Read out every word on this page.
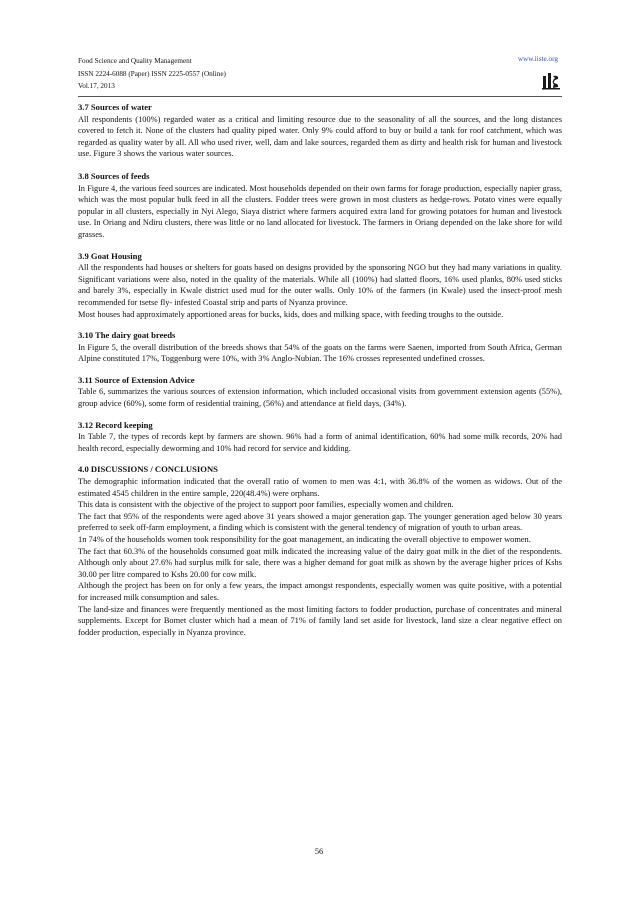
Food Science and Quality Management
ISSN 2224-6088 (Paper) ISSN 2225-0557 (Online)
Vol.17, 2013
www.iiste.org
3.7 Sources of water

All respondents (100%) regarded water as a critical and limiting resource due to the seasonality of all the sources, and the long distances covered to fetch it. None of the clusters had quality piped water. Only 9% could afford to buy or build a tank for roof catchment, which was regarded as quality water by all. All who used river, well, dam and lake sources, regarded them as dirty and health risk for human and livestock use. Figure 3 shows the various water sources.

3.8 Sources of feeds

In Figure 4, the various feed sources are indicated. Most households depended on their own farms for forage production, especially napier grass, which was the most popular bulk feed in all the clusters. Fodder trees were grown in most clusters as hedge-rows. Potato vines were equally popular in all clusters, especially in Nyi Alego, Siaya district where farmers acquired extra land for growing potatoes for human and livestock use. In Oriang and Ndiru clusters, there was little or no land allocated for livestock. The farmers in Oriang depended on the lake shore for wild grasses.

3.9 Goat Housing

All the respondents had houses or shelters for goats based on designs provided by the sponsoring NGO but they had many variations in quality. Significant variations were also, noted in the quality of the materials. While all (100%) had slatted floors, 16% used planks, 80% used sticks and barely 3%, especially in Kwale district used mud for the outer walls. Only 10% of the farmers (in Kwale) used the insect-proof mesh recommended for tsetse fly- infested Coastal strip and parts of Nyanza province.

Most houses had approximately apportioned areas for bucks, kids, does and milking space, with feeding troughs to the outside.

3.10 The dairy goat breeds

In Figure 5, the overall distribution of the breeds shows that 54% of the goats on the farms were Saenen, imported from South Africa, German Alpine constituted 17%, Toggenburg were 10%, with 3% Anglo-Nubian. The 16% crosses represented undefined crosses.

3.11 Source of Extension Advice

Table 6, summarizes the various sources of extension information, which included occasional visits from government extension agents (55%), group advice (60%), some form of residential training, (56%) and attendance at field days, (34%).

3.12 Record keeping

In Table 7, the types of records kept by farmers are shown. 96% had a form of animal identification, 60% had some milk records, 20% had health record, especially deworming and 10% had record for service and kidding.

4.0 DISCUSSIONS / CONCLUSIONS

The demographic information indicated that the overall ratio of women to men was 4:1, with 36.8% of the women as widows. Out of the estimated 4545 children in the entire sample, 220(48.4%) were orphans.

This data is consistent with the objective of the project to support poor families, especially women and children.

The fact that 95% of the respondents were aged above 31 years showed a major generation gap. The younger generation aged below 30 years preferred to seek off-farm employment, a finding which is consistent with the general tendency of migration of youth to urban areas.

1n 74% of the households women took responsibility for the goat management, an indicating the overall objective to empower women.

The fact that 60.3% of the households consumed goat milk indicated the increasing value of the dairy goat milk in the diet of the respondents. Although only about 27.6% had surplus milk for sale, there was a higher demand for goat milk as shown by the average higher prices of Kshs 30.00 per litre compared to Kshs 20.00 for cow milk.

Although the project has been on for only a few years, the impact amongst respondents, especially women was quite positive, with a potential for increased milk consumption and sales.

The land-size and finances were frequently mentioned as the most limiting factors to fodder production, purchase of concentrates and mineral supplements. Except for Bomet cluster which had a mean of 71% of family land set aside for livestock, land size a clear negative effect on fodder production, especially in Nyanza province.

56
